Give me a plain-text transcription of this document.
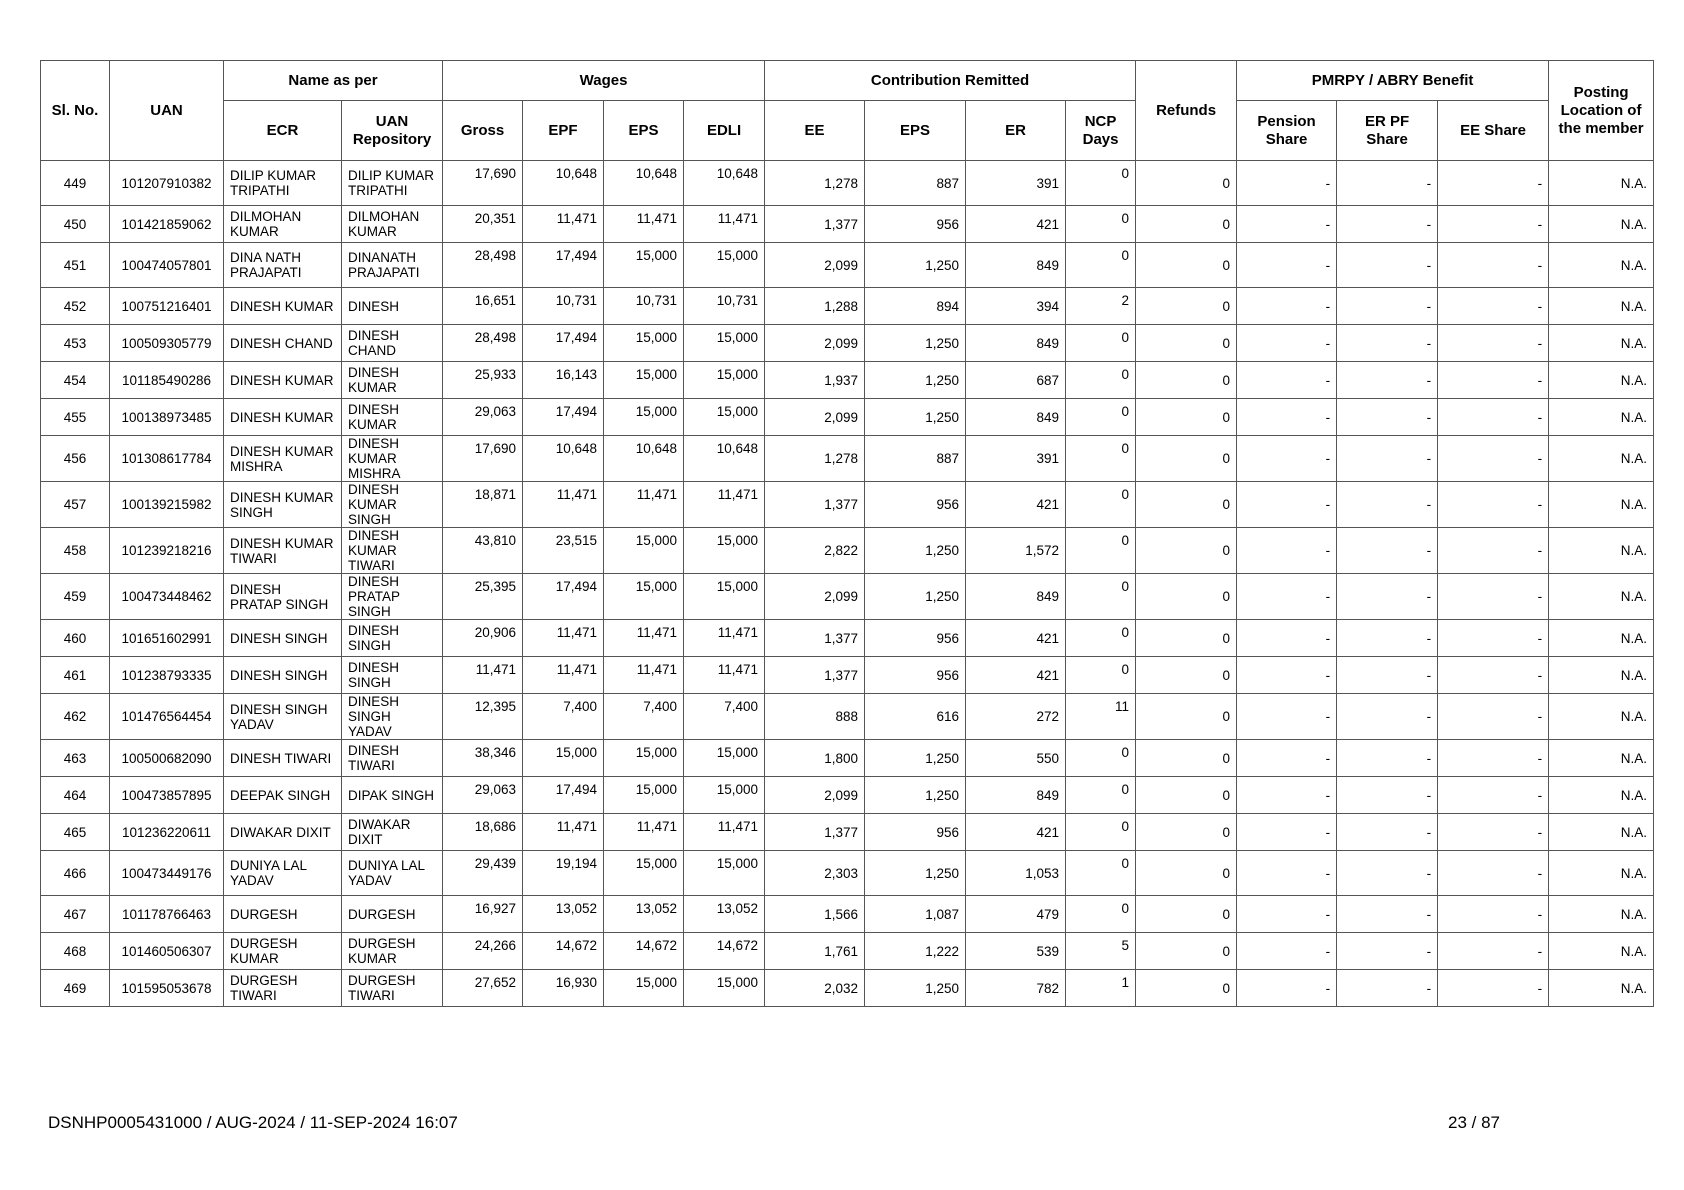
Sl. No.	UAN	Name as per		Wages				Contribution Remitted				Refunds	PMRPY / ABRY Benefit			Posting Location of the member
		ECR	UAN Repository	Gross	EPF	EPS	EDLI	EE	EPS	ER	NCP Days		Pension Share	ER PF Share	EE Share	
449	101207910382	DILIP KUMAR TRIPATHI	DILIP KUMAR TRIPATHI	17,690	10,648	10,648	10,648	1,278	887	391	0	0	-	-	-	N.A.
450	101421859062	DILMOHAN KUMAR	DILMOHAN KUMAR	20,351	11,471	11,471	11,471	1,377	956	421	0	0	-	-	-	N.A.
451	100474057801	DINA NATH PRAJAPATI	DINANATH PRAJAPATI	28,498	17,494	15,000	15,000	2,099	1,250	849	0	0	-	-	-	N.A.
452	100751216401	DINESH KUMAR	DINESH	16,651	10,731	10,731	10,731	1,288	894	394	2	0	-	-	-	N.A.
453	100509305779	DINESH CHAND	DINESH CHAND	28,498	17,494	15,000	15,000	2,099	1,250	849	0	0	-	-	-	N.A.
454	101185490286	DINESH KUMAR	DINESH KUMAR	25,933	16,143	15,000	15,000	1,937	1,250	687	0	0	-	-	-	N.A.
455	100138973485	DINESH KUMAR	DINESH KUMAR	29,063	17,494	15,000	15,000	2,099	1,250	849	0	0	-	-	-	N.A.
456	101308617784	DINESH KUMAR MISHRA	DINESH KUMAR MISHRA	17,690	10,648	10,648	10,648	1,278	887	391	0	0	-	-	-	N.A.
457	100139215982	DINESH KUMAR SINGH	DINESH KUMAR SINGH	18,871	11,471	11,471	11,471	1,377	956	421	0	0	-	-	-	N.A.
458	101239218216	DINESH KUMAR TIWARI	DINESH KUMAR TIWARI	43,810	23,515	15,000	15,000	2,822	1,250	1,572	0	0	-	-	-	N.A.
459	100473448462	DINESH PRATAP SINGH	DINESH PRATAP SINGH	25,395	17,494	15,000	15,000	2,099	1,250	849	0	0	-	-	-	N.A.
460	101651602991	DINESH SINGH	DINESH SINGH	20,906	11,471	11,471	11,471	1,377	956	421	0	0	-	-	-	N.A.
461	101238793335	DINESH SINGH	DINESH SINGH	11,471	11,471	11,471	11,471	1,377	956	421	0	0	-	-	-	N.A.
462	101476564454	DINESH SINGH YADAV	DINESH SINGH YADAV	12,395	7,400	7,400	7,400	888	616	272	11	0	-	-	-	N.A.
463	100500682090	DINESH TIWARI	DINESH TIWARI	38,346	15,000	15,000	15,000	1,800	1,250	550	0	0	-	-	-	N.A.
464	100473857895	DEEPAK SINGH	DIPAK SINGH	29,063	17,494	15,000	15,000	2,099	1,250	849	0	0	-	-	-	N.A.
465	101236220611	DIWAKAR DIXIT	DIWAKAR DIXIT	18,686	11,471	11,471	11,471	1,377	956	421	0	0	-	-	-	N.A.
466	100473449176	DUNIYA LAL YADAV	DUNIYA LAL YADAV	29,439	19,194	15,000	15,000	2,303	1,250	1,053	0	0	-	-	-	N.A.
467	101178766463	DURGESH	DURGESH	16,927	13,052	13,052	13,052	1,566	1,087	479	0	0	-	-	-	N.A.
468	101460506307	DURGESH KUMAR	DURGESH KUMAR	24,266	14,672	14,672	14,672	1,761	1,222	539	5	0	-	-	-	N.A.
469	101595053678	DURGESH TIWARI	DURGESH TIWARI	27,652	16,930	15,000	15,000	2,032	1,250	782	1	0	-	-	-	N.A.
DSNHP0005431000 / AUG-2024 / 11-SEP-2024 16:07	23 / 87
